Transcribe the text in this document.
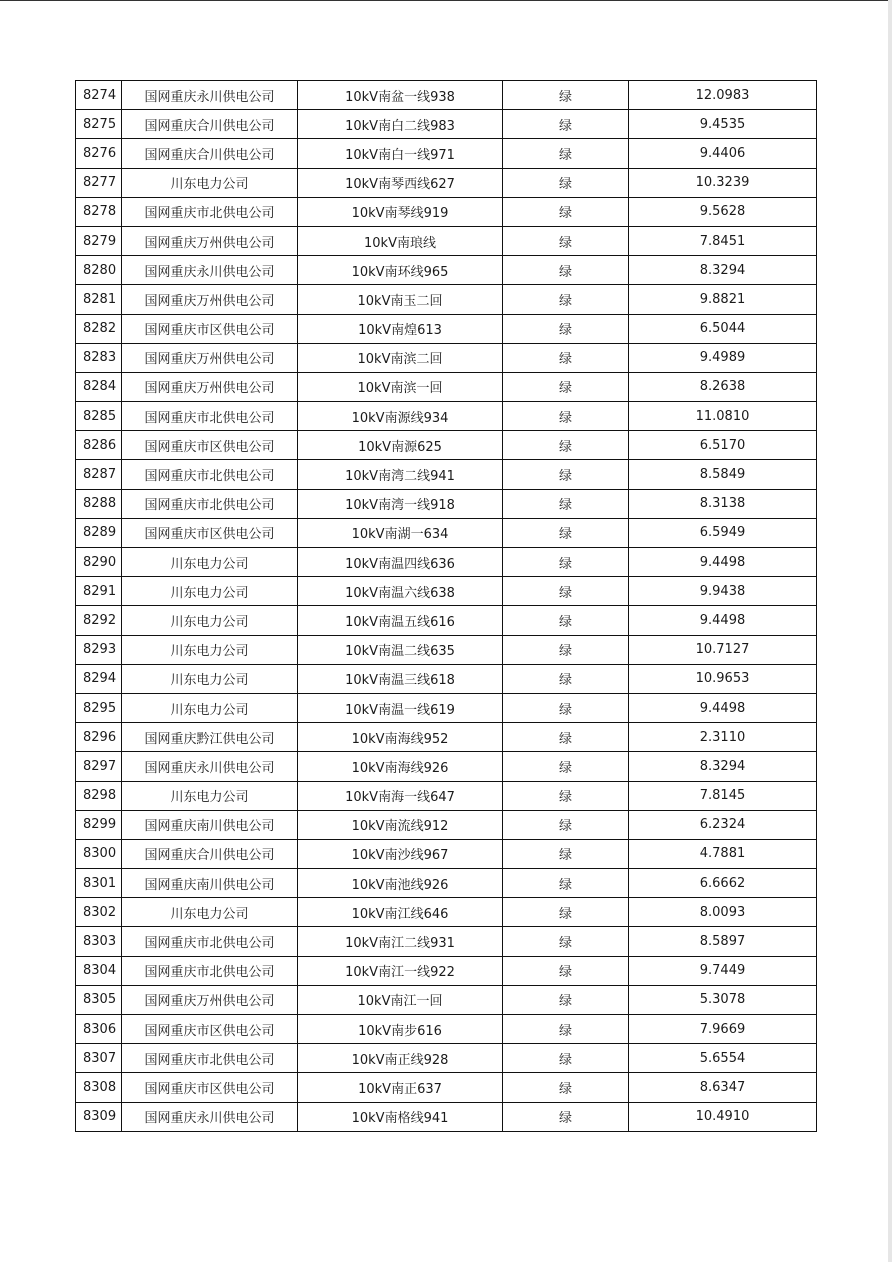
8274	国网重庆永川供电公司	10kV南盆一线938	绿	12.0983
8275	国网重庆合川供电公司	10kV南白二线983	绿	9.4535
8276	国网重庆合川供电公司	10kV南白一线971	绿	9.4406
8277	川东电力公司	10kV南琴西线627	绿	10.3239
8278	国网重庆市北供电公司	10kV南琴线919	绿	9.5628
8279	国网重庆万州供电公司	10kV南琅线	绿	7.8451
8280	国网重庆永川供电公司	10kV南环线965	绿	8.3294
8281	国网重庆万州供电公司	10kV南玉二回	绿	9.8821
8282	国网重庆市区供电公司	10kV南煌613	绿	6.5044
8283	国网重庆万州供电公司	10kV南滨二回	绿	9.4989
8284	国网重庆万州供电公司	10kV南滨一回	绿	8.2638
8285	国网重庆市北供电公司	10kV南源线934	绿	11.0810
8286	国网重庆市区供电公司	10kV南源625	绿	6.5170
8287	国网重庆市北供电公司	10kV南湾二线941	绿	8.5849
8288	国网重庆市北供电公司	10kV南湾一线918	绿	8.3138
8289	国网重庆市区供电公司	10kV南湖一634	绿	6.5949
8290	川东电力公司	10kV南温四线636	绿	9.4498
8291	川东电力公司	10kV南温六线638	绿	9.9438
8292	川东电力公司	10kV南温五线616	绿	9.4498
8293	川东电力公司	10kV南温二线635	绿	10.7127
8294	川东电力公司	10kV南温三线618	绿	10.9653
8295	川东电力公司	10kV南温一线619	绿	9.4498
8296	国网重庆黔江供电公司	10kV南海线952	绿	2.3110
8297	国网重庆永川供电公司	10kV南海线926	绿	8.3294
8298	川东电力公司	10kV南海一线647	绿	7.8145
8299	国网重庆南川供电公司	10kV南流线912	绿	6.2324
8300	国网重庆合川供电公司	10kV南沙线967	绿	4.7881
8301	国网重庆南川供电公司	10kV南池线926	绿	6.6662
8302	川东电力公司	10kV南江线646	绿	8.0093
8303	国网重庆市北供电公司	10kV南江二线931	绿	8.5897
8304	国网重庆市北供电公司	10kV南江一线922	绿	9.7449
8305	国网重庆万州供电公司	10kV南江一回	绿	5.3078
8306	国网重庆市区供电公司	10kV南步616	绿	7.9669
8307	国网重庆市北供电公司	10kV南正线928	绿	5.6554
8308	国网重庆市区供电公司	10kV南正637	绿	8.6347
8309	国网重庆永川供电公司	10kV南格线941	绿	10.4910
